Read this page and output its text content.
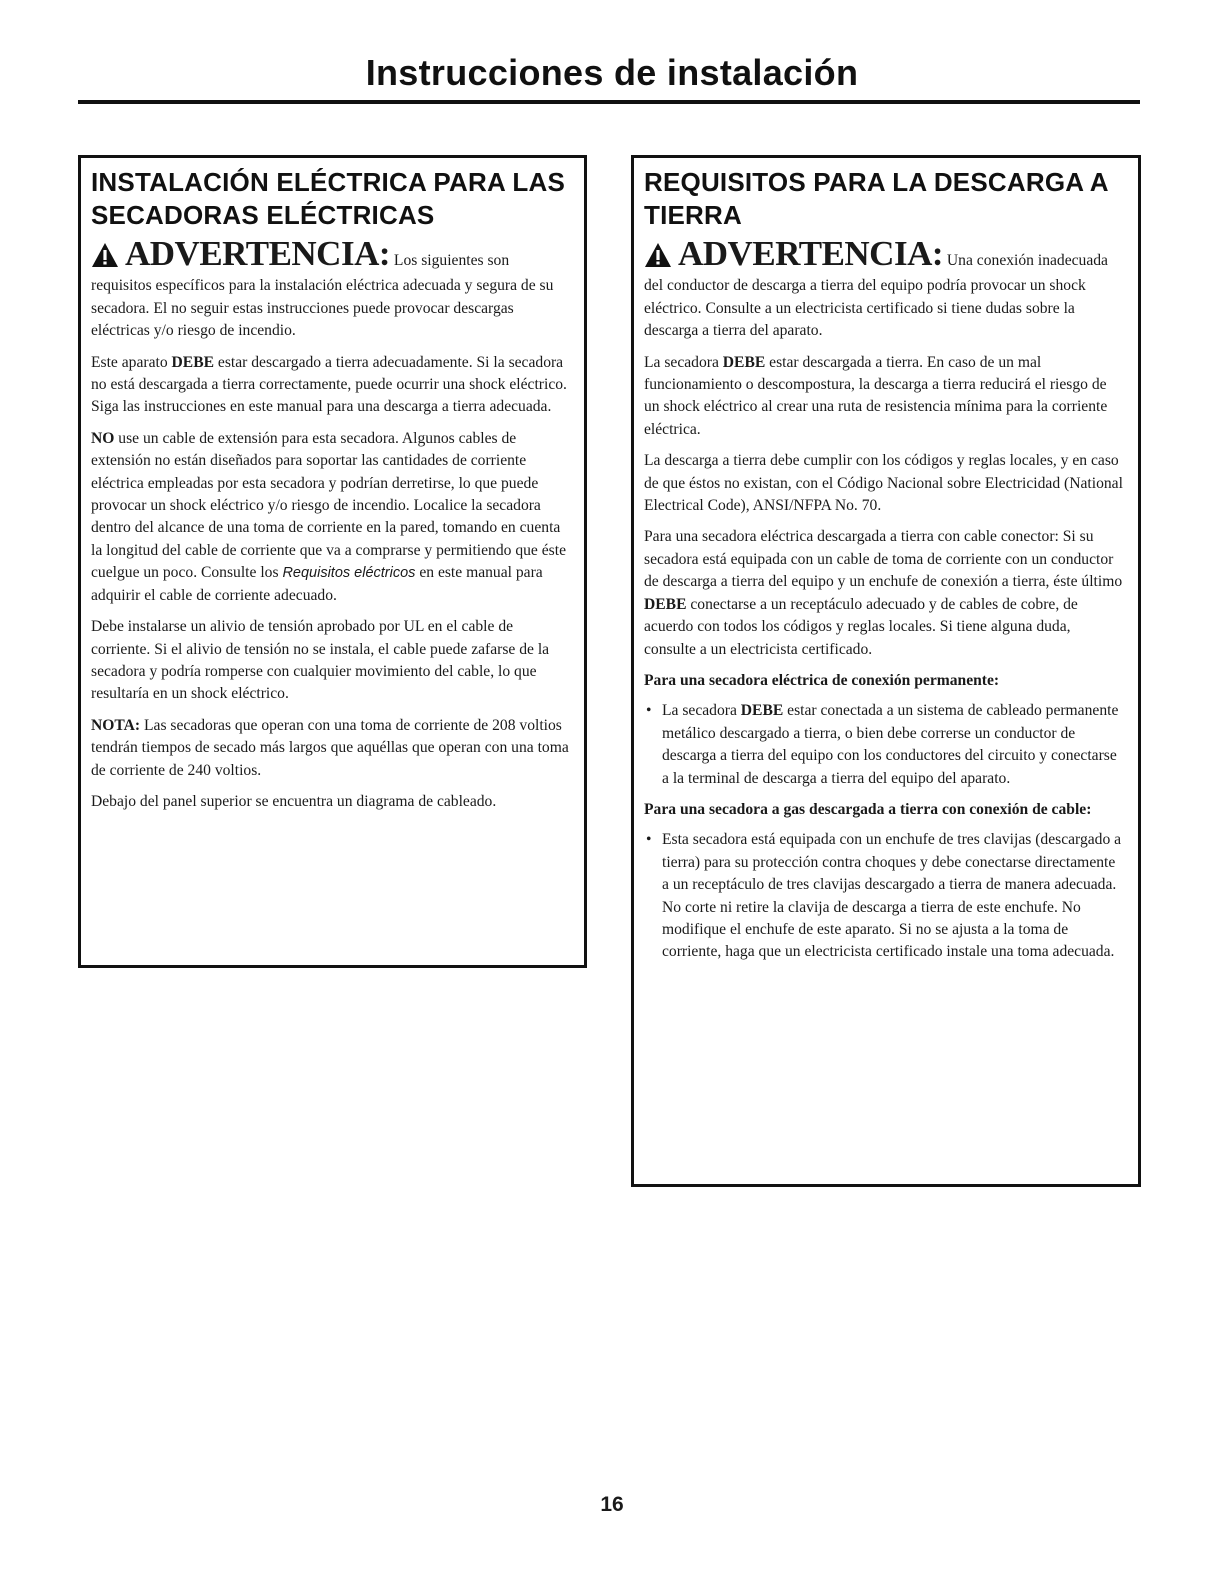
Instrucciones de instalación
INSTALACIÓN ELÉCTRICA PARA LAS SECADORAS ELÉCTRICAS

ADVERTENCIA: Los siguientes son requisitos específicos para la instalación eléctrica adecuada y segura de su secadora. El no seguir estas instrucciones puede provocar descargas eléctricas y/o riesgo de incendio.

Este aparato DEBE estar descargado a tierra adecuadamente. Si la secadora no está descargada a tierra correctamente, puede ocurrir una shock eléctrico. Siga las instrucciones en este manual para una descarga a tierra adecuada.

NO use un cable de extensión para esta secadora. Algunos cables de extensión no están diseñados para soportar las cantidades de corriente eléctrica empleadas por esta secadora y podrían derretirse, lo que puede provocar un shock eléctrico y/o riesgo de incendio. Localice la secadora dentro del alcance de una toma de corriente en la pared, tomando en cuenta la longitud del cable de corriente que va a comprarse y permitiendo que éste cuelgue un poco. Consulte los Requisitos eléctricos en este manual para adquirir el cable de corriente adecuado.

Debe instalarse un alivio de tensión aprobado por UL en el cable de corriente. Si el alivio de tensión no se instala, el cable puede zafarse de la secadora y podría romperse con cualquier movimiento del cable, lo que resultaría en un shock eléctrico.

NOTA: Las secadoras que operan con una toma de corriente de 208 voltios tendrán tiempos de secado más largos que aquéllas que operan con una toma de corriente de 240 voltios.

Debajo del panel superior se encuentra un diagrama de cableado.

REQUISITOS PARA LA DESCARGA A TIERRA

ADVERTENCIA: Una conexión inadecuada del conductor de descarga a tierra del equipo podría provocar un shock eléctrico. Consulte a un electricista certificado si tiene dudas sobre la descarga a tierra del aparato.

La secadora DEBE estar descargada a tierra. En caso de un mal funcionamiento o descompostura, la descarga a tierra reducirá el riesgo de un shock eléctrico al crear una ruta de resistencia mínima para la corriente eléctrica.

La descarga a tierra debe cumplir con los códigos y reglas locales, y en caso de que éstos no existan, con el Código Nacional sobre Electricidad (National Electrical Code), ANSI/NFPA No. 70.

Para una secadora eléctrica descargada a tierra con cable conector: Si su secadora está equipada con un cable de toma de corriente con un conductor de descarga a tierra del equipo y un enchufe de conexión a tierra, éste último DEBE conectarse a un receptáculo adecuado y de cables de cobre, de acuerdo con todos los códigos y reglas locales. Si tiene alguna duda, consulte a un electricista certificado.

Para una secadora eléctrica de conexión permanente:

• La secadora DEBE estar conectada a un sistema de cableado permanente metálico descargado a tierra, o bien debe correrse un conductor de descarga a tierra del equipo con los conductores del circuito y conectarse a la terminal de descarga a tierra del equipo del aparato.

Para una secadora a gas descargada a tierra con conexión de cable:

• Esta secadora está equipada con un enchufe de tres clavijas (descargado a tierra) para su protección contra choques y debe conectarse directamente a un receptáculo de tres clavijas descargado a tierra de manera adecuada. No corte ni retire la clavija de descarga a tierra de este enchufe. No modifique el enchufe de este aparato. Si no se ajusta a la toma de corriente, haga que un electricista certificado instale una toma adecuada.
16
